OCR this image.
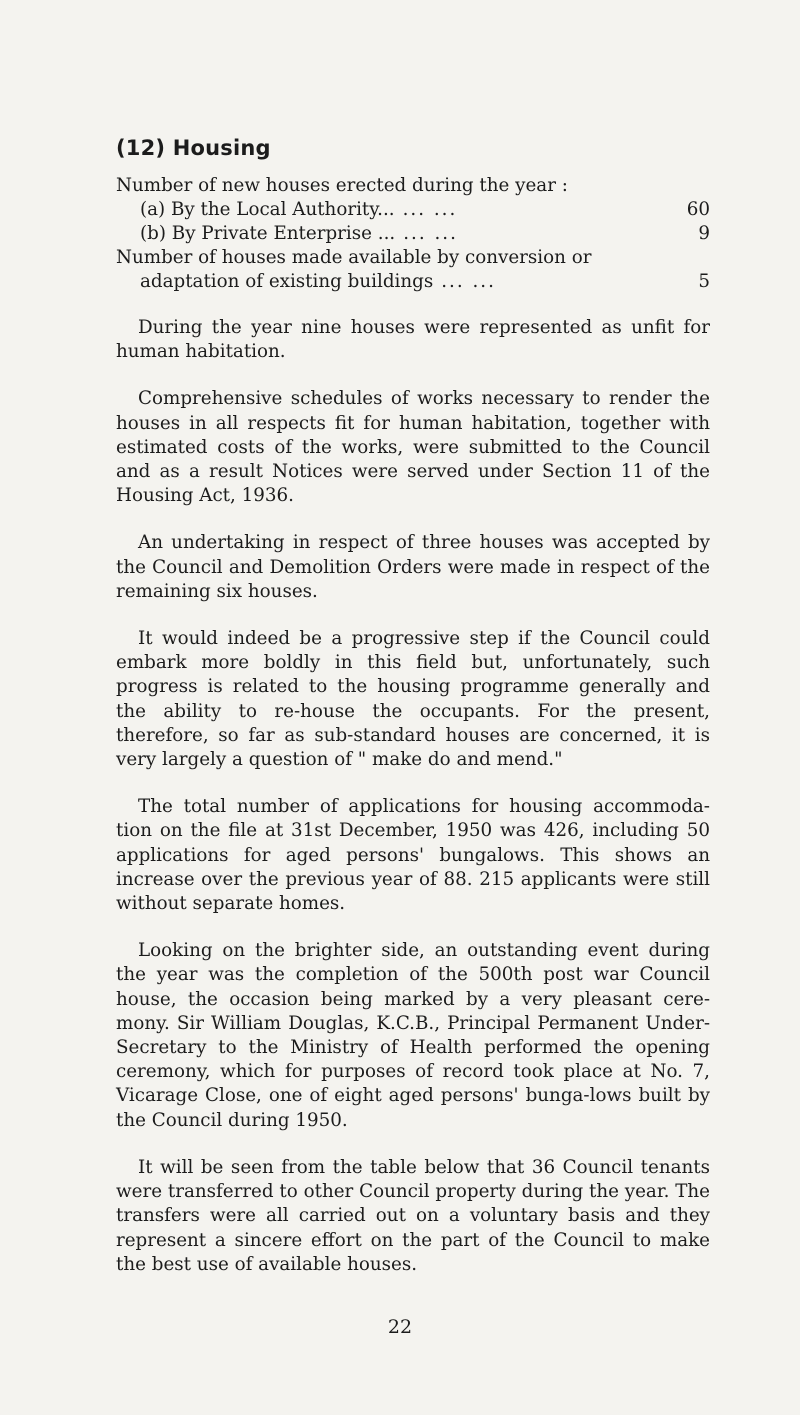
(12) Housing
Number of new houses erected during the year :
(a) By the Local Authority... ... ...	60
(b) By Private Enterprise ... ... ...	9
Number of houses made available by conversion or
adaptation of existing buildings ... ...	5

During the year nine houses were represented as unfit for human habitation.

Comprehensive schedules of works necessary to render the houses in all respects fit for human habitation, together with estimated costs of the works, were submitted to the Council and as a result Notices were served under Section 11 of the Housing Act, 1936.

An undertaking in respect of three houses was accepted by the Council and Demolition Orders were made in respect of the remaining six houses.

It would indeed be a progressive step if the Council could embark more boldly in this field but, unfortunately, such progress is related to the housing programme generally and the ability to re-house the occupants. For the present, therefore, so far as sub-standard houses are concerned, it is very largely a question of " make do and mend."

The total number of applications for housing accommoda-tion on the file at 31st December, 1950 was 426, including 50 applications for aged persons' bungalows. This shows an increase over the previous year of 88. 215 applicants were still without separate homes.

Looking on the brighter side, an outstanding event during the year was the completion of the 500th post war Council house, the occasion being marked by a very pleasant cere-mony. Sir William Douglas, K.C.B., Principal Permanent Under-Secretary to the Ministry of Health performed the opening ceremony, which for purposes of record took place at No. 7, Vicarage Close, one of eight aged persons' bunga-lows built by the Council during 1950.

It will be seen from the table below that 36 Council tenants were transferred to other Council property during the year. The transfers were all carried out on a voluntary basis and they represent a sincere effort on the part of the Council to make the best use of available houses.

22
